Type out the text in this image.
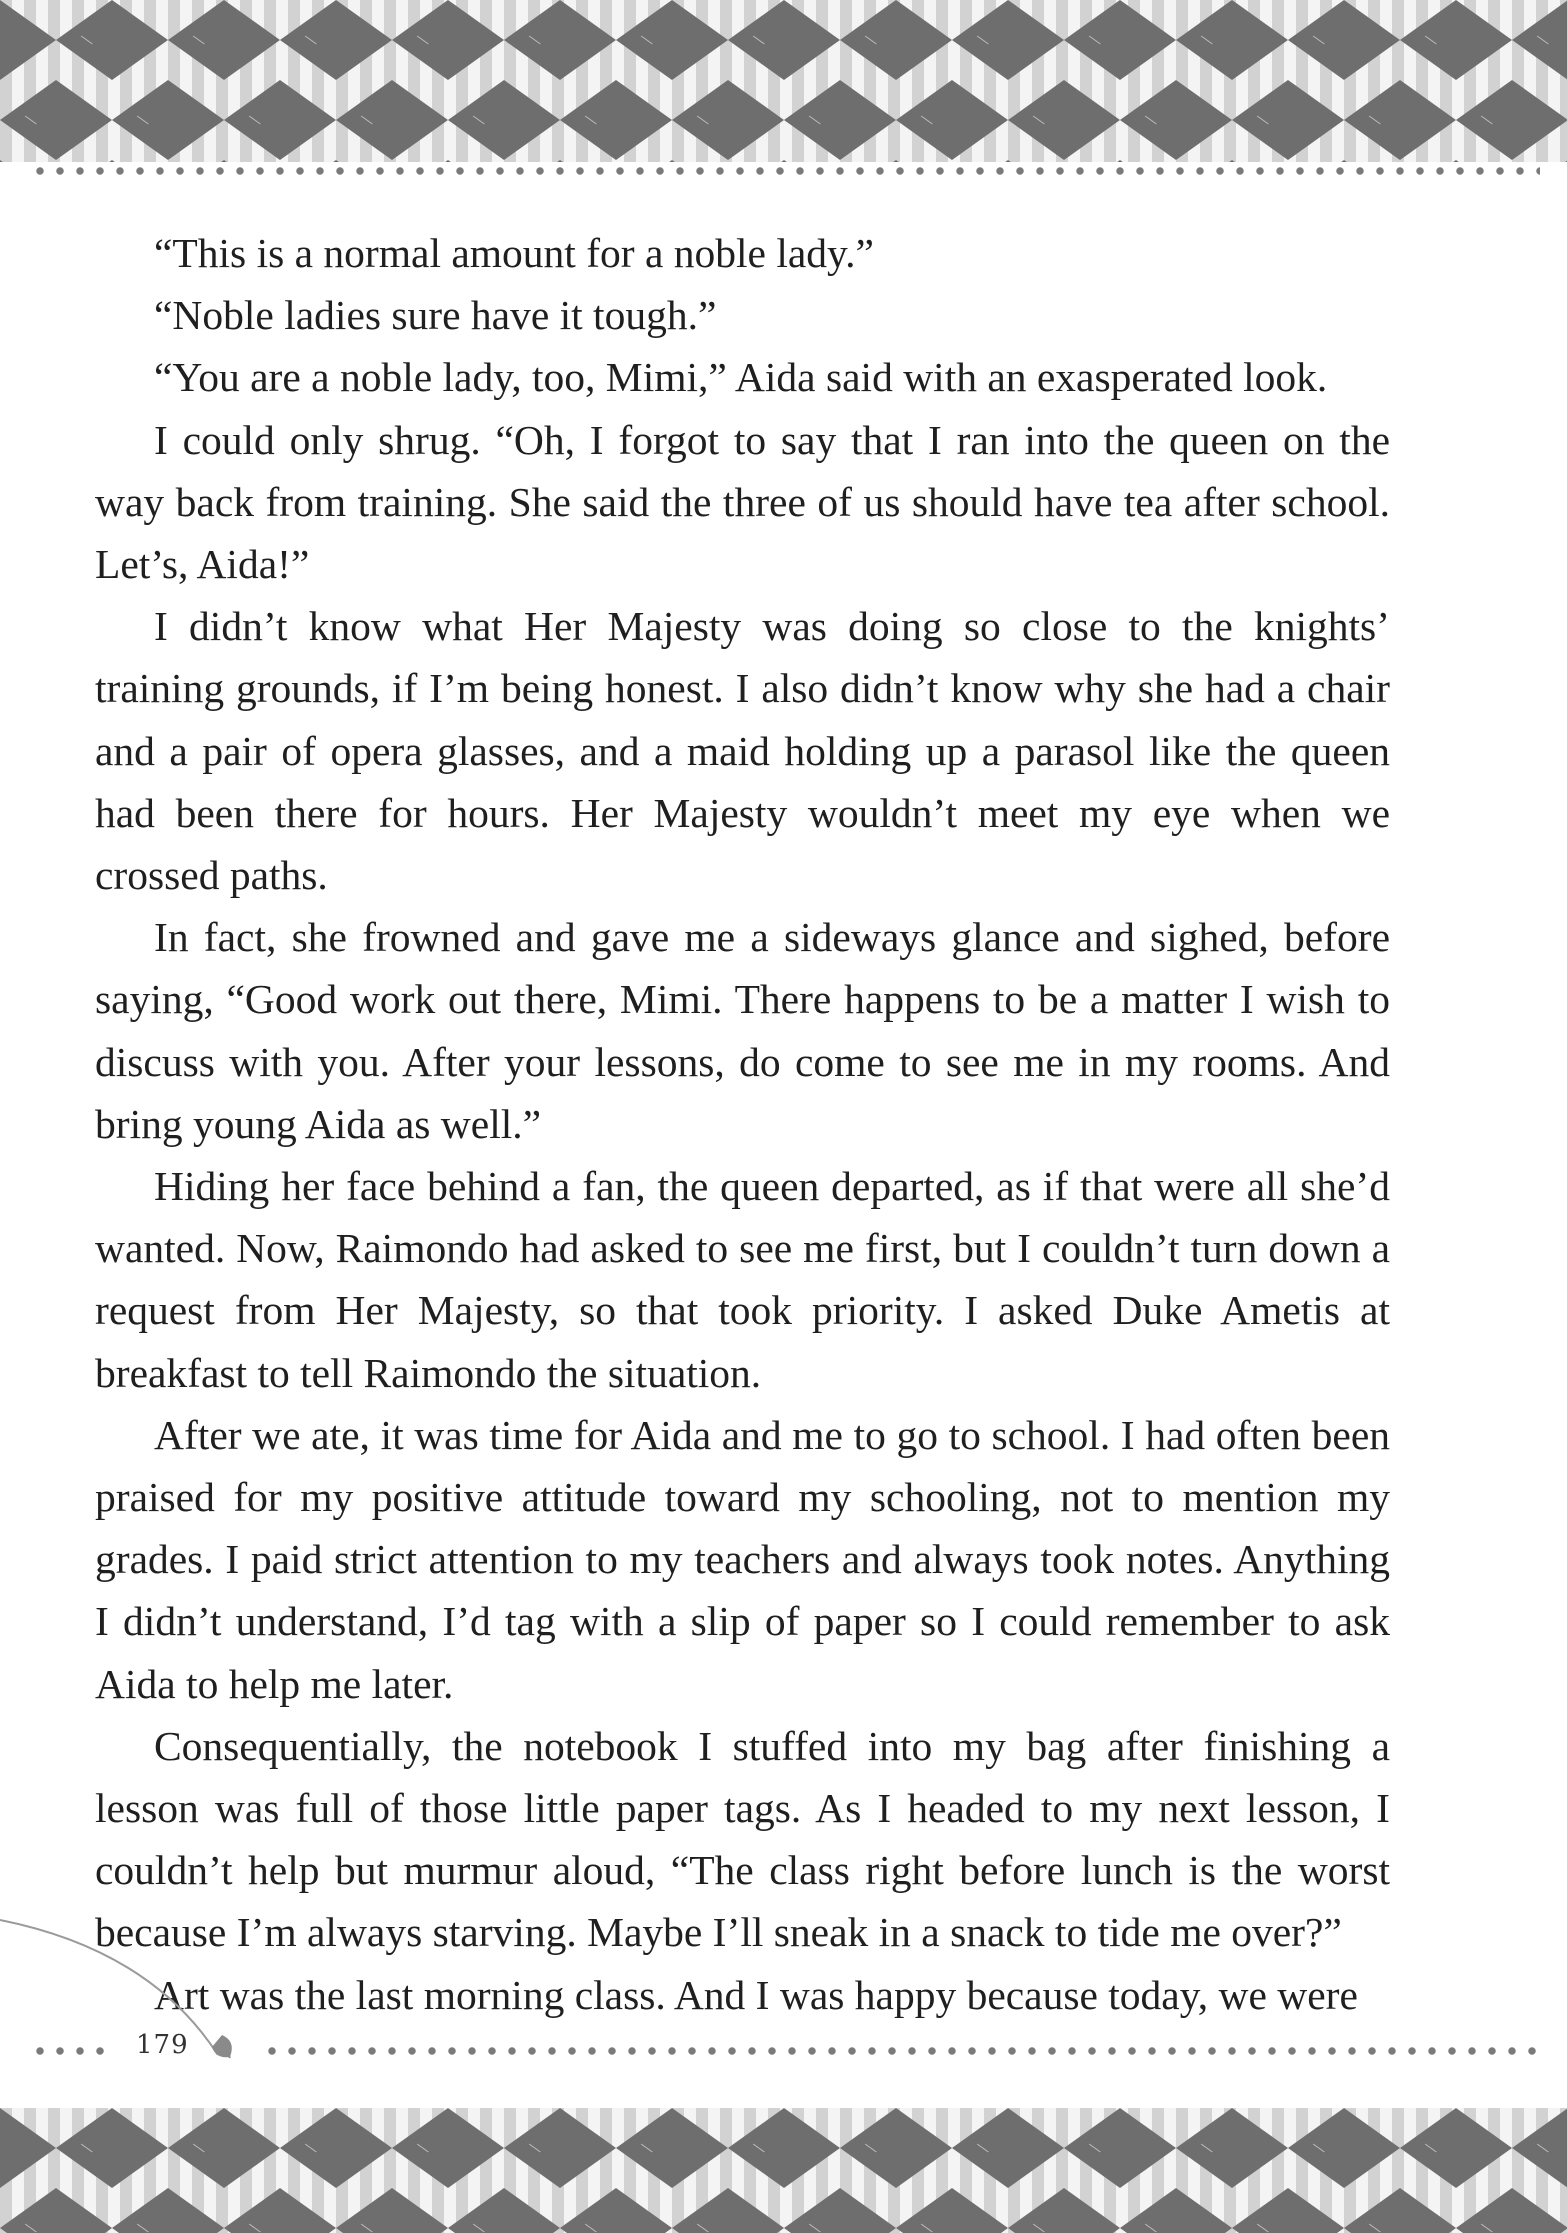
“This is a normal amount for a noble lady.”

“Noble ladies sure have it tough.”

“You are a noble lady, too, Mimi,” Aida said with an exasperated look.

I could only shrug. “Oh, I forgot to say that I ran into the queen on the way back from training. She said the three of us should have tea after school. Let’s, Aida!”

I didn’t know what Her Majesty was doing so close to the knights’ training grounds, if I’m being honest. I also didn’t know why she had a chair and a pair of opera glasses, and a maid holding up a parasol like the queen had been there for hours. Her Majesty wouldn’t meet my eye when we crossed paths.

In fact, she frowned and gave me a sideways glance and sighed, before saying, “Good work out there, Mimi. There happens to be a matter I wish to discuss with you. After your lessons, do come to see me in my rooms. And bring young Aida as well.”

Hiding her face behind a fan, the queen departed, as if that were all she’d wanted. Now, Raimondo had asked to see me first, but I couldn’t turn down a request from Her Majesty, so that took priority. I asked Duke Ametis at breakfast to tell Raimondo the situation.

After we ate, it was time for Aida and me to go to school. I had often been praised for my positive attitude toward my schooling, not to mention my grades. I paid strict attention to my teachers and always took notes. Anything I didn’t understand, I’d tag with a slip of paper so I could remember to ask Aida to help me later.

Consequentially, the notebook I stuffed into my bag after finishing a lesson was full of those little paper tags. As I headed to my next lesson, I couldn’t help but murmur aloud, “The class right before lunch is the worst because I’m always starving. Maybe I’ll sneak in a snack to tide me over?”

Art was the last morning class. And I was happy because today, we were

179
